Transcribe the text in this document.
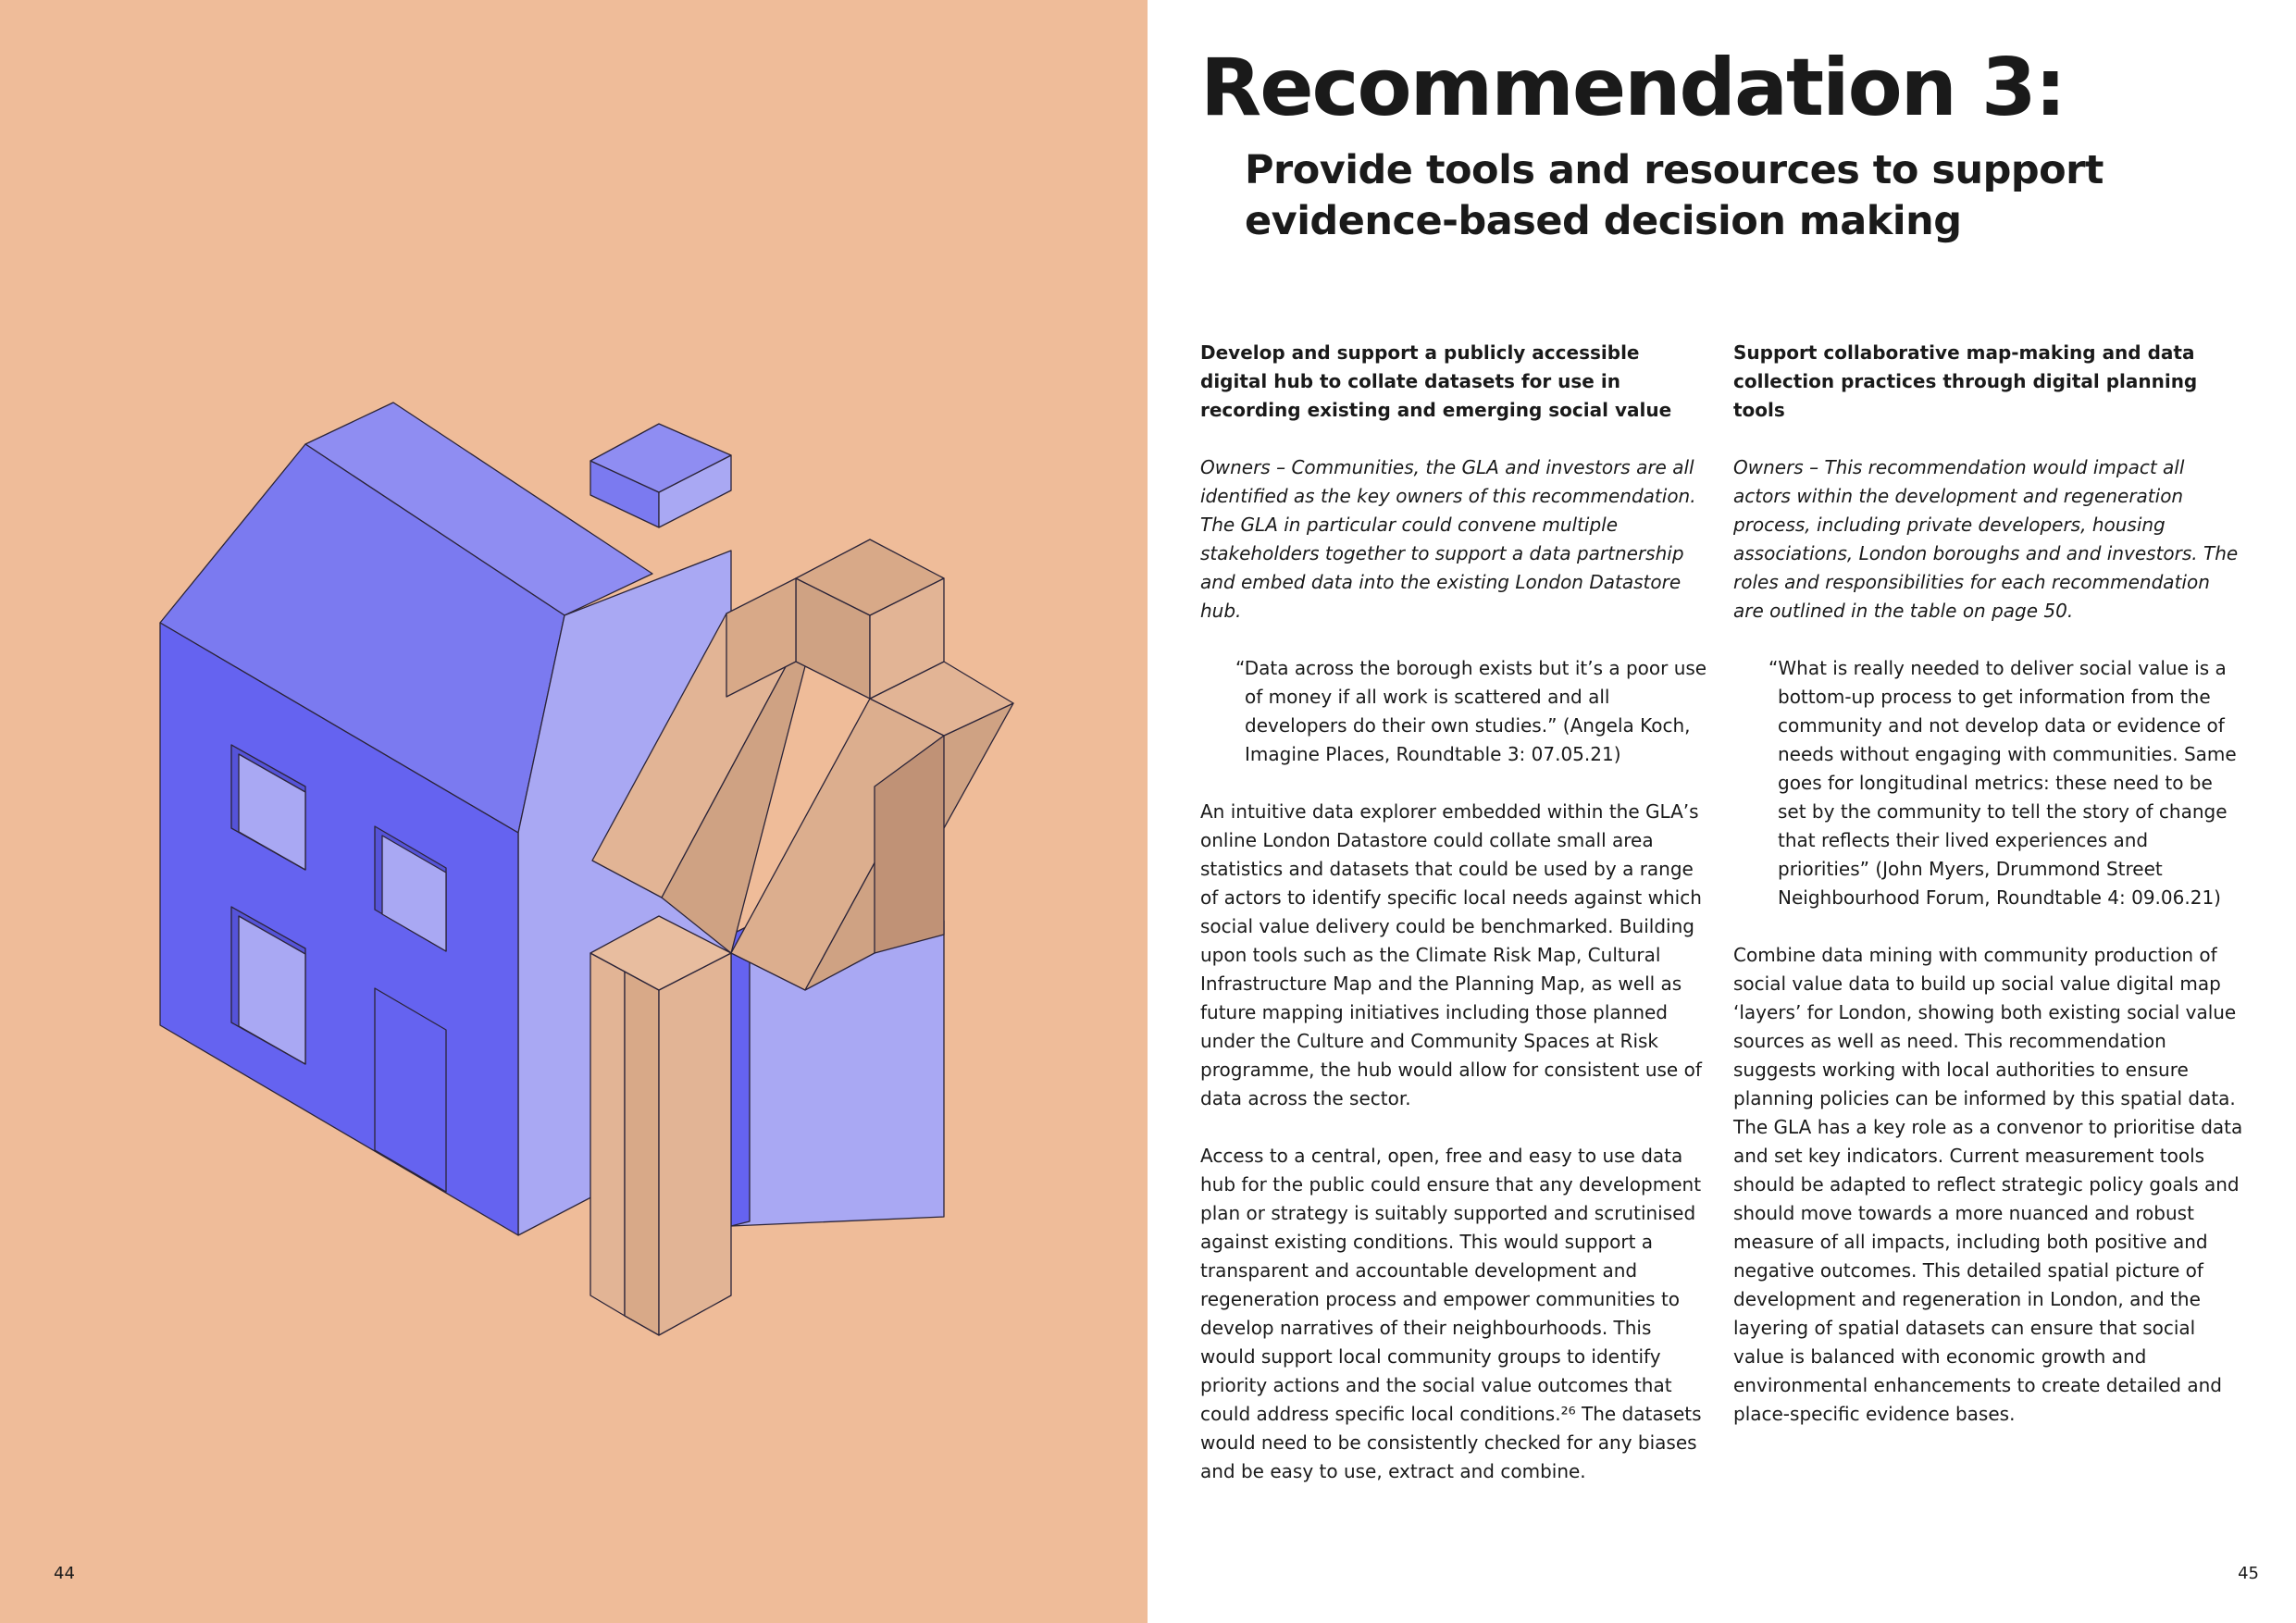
44
Recommendation 3:
Provide tools and resources to support evidence-based decision making
Develop and support a publicly accessible digital hub to collate datasets for use in recording existing and emerging social value

Owners – Communities, the GLA and investors are all identified as the key owners of this recommendation. The GLA in particular could convene multiple stakeholders together to support a data partnership and embed data into the existing London Datastore hub.

“Data across the borough exists but it’s a poor use of money if all work is scattered and all developers do their own studies.” (Angela Koch, Imagine Places, Roundtable 3: 07.05.21)

An intuitive data explorer embedded within the GLA’s online London Datastore could collate small area statistics and datasets that could be used by a range of actors to identify specific local needs against which social value delivery could be benchmarked. Building upon tools such as the Climate Risk Map, Cultural Infrastructure Map and the Planning Map, as well as future mapping initiatives including those planned under the Culture and Community Spaces at Risk programme, the hub would allow for consistent use of data across the sector.

Access to a central, open, free and easy to use data hub for the public could ensure that any development plan or strategy is suitably supported and scrutinised against existing conditions. This would support a transparent and accountable development and regeneration process and empower communities to develop narratives of their neighbourhoods. This would support local community groups to identify priority actions and the social value outcomes that could address specific local conditions.²⁶ The datasets would need to be consistently checked for any biases and be easy to use, extract and combine.

Support collaborative map-making and data collection practices through digital planning tools

Owners – This recommendation would impact all actors within the development and regeneration process, including private developers, housing associations, London boroughs and and investors. The roles and responsibilities for each recommendation are outlined in the table on page 50.

“What is really needed to deliver social value is a bottom-up process to get information from the community and not develop data or evidence of needs without engaging with communities. Same goes for longitudinal metrics: these need to be set by the community to tell the story of change that reflects their lived experiences and priorities” (John Myers, Drummond Street Neighbourhood Forum, Roundtable 4: 09.06.21)

Combine data mining with community production of social value data to build up social value digital map ‘layers’ for London, showing both existing social value sources as well as need. This recommendation suggests working with local authorities to ensure planning policies can be informed by this spatial data. The GLA has a key role as a convenor to prioritise data and set key indicators. Current measurement tools should be adapted to reflect strategic policy goals and should move towards a more nuanced and robust measure of all impacts, including both positive and negative outcomes. This detailed spatial picture of development and regeneration in London, and the layering of spatial datasets can ensure that social value is balanced with economic growth and environmental enhancements to create detailed and place-specific evidence bases.

45
